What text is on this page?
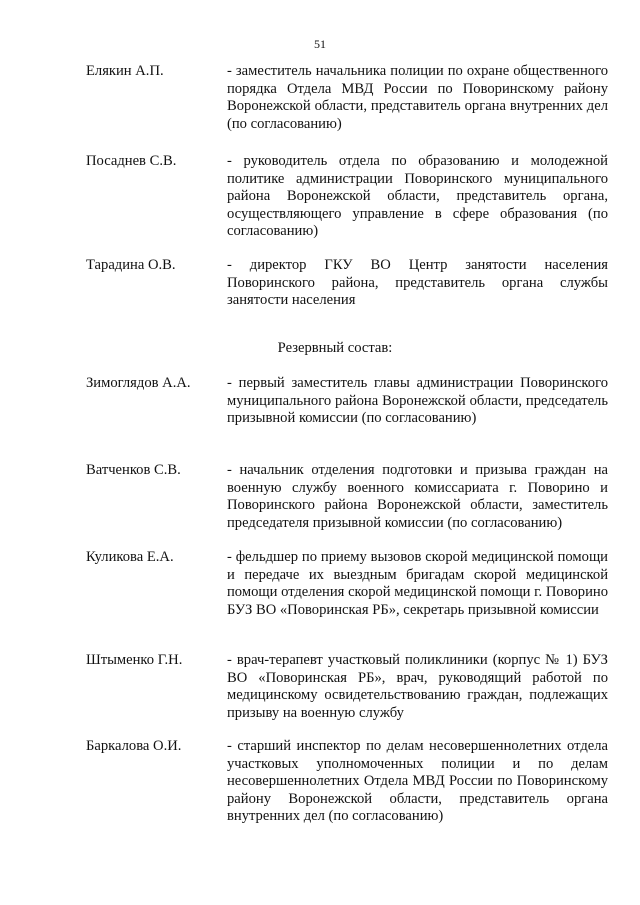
51
Елякин А.П.	- заместитель начальника полиции по охране общественного порядка Отдела МВД России по Поворинскому району Воронежской области, представитель органа внутренних дел (по согласованию)
Посаднев С.В.	- руководитель отдела по образованию и молодежной политике администрации Поворинского муниципального района Воронежской области, представитель органа, осуществляющего управление в сфере образования (по согласованию)
Тарадина О.В.	- директор ГКУ ВО Центр занятости населения Поворинского района, представитель органа службы занятости населения
Резервный состав:
Зимоглядов А.А. - первый заместитель главы администрации Поворинского муниципального района Воронежской области, председатель призывной комиссии (по согласованию)
Ватченков С.В.	- начальник отделения подготовки и призыва граждан на военную службу военного комиссариата г. Поворино и Поворинского района Воронежской области, заместитель председателя призывной комиссии (по согласованию)
Куликова Е.А.	- фельдшер по приему вызовов скорой медицинской помощи и передаче их выездным бригадам скорой медицинской помощи отделения скорой медицинской помощи г. Поворино БУЗ ВО «Поворинская РБ», секретарь призывной комиссии
Штыменко Г.Н.	- врач-терапевт участковый поликлиники (корпус № 1) БУЗ ВО «Поворинская РБ», врач, руководящий работой по медицинскому освидетельствованию граждан, подлежащих призыву на военную службу
Баркалова О.И.	- старший инспектор по делам несовершеннолетних отдела участковых уполномоченных полиции и по делам несовершеннолетних Отдела МВД России по Поворинскому району Воронежской области, представитель органа внутренних дел (по согласованию)
